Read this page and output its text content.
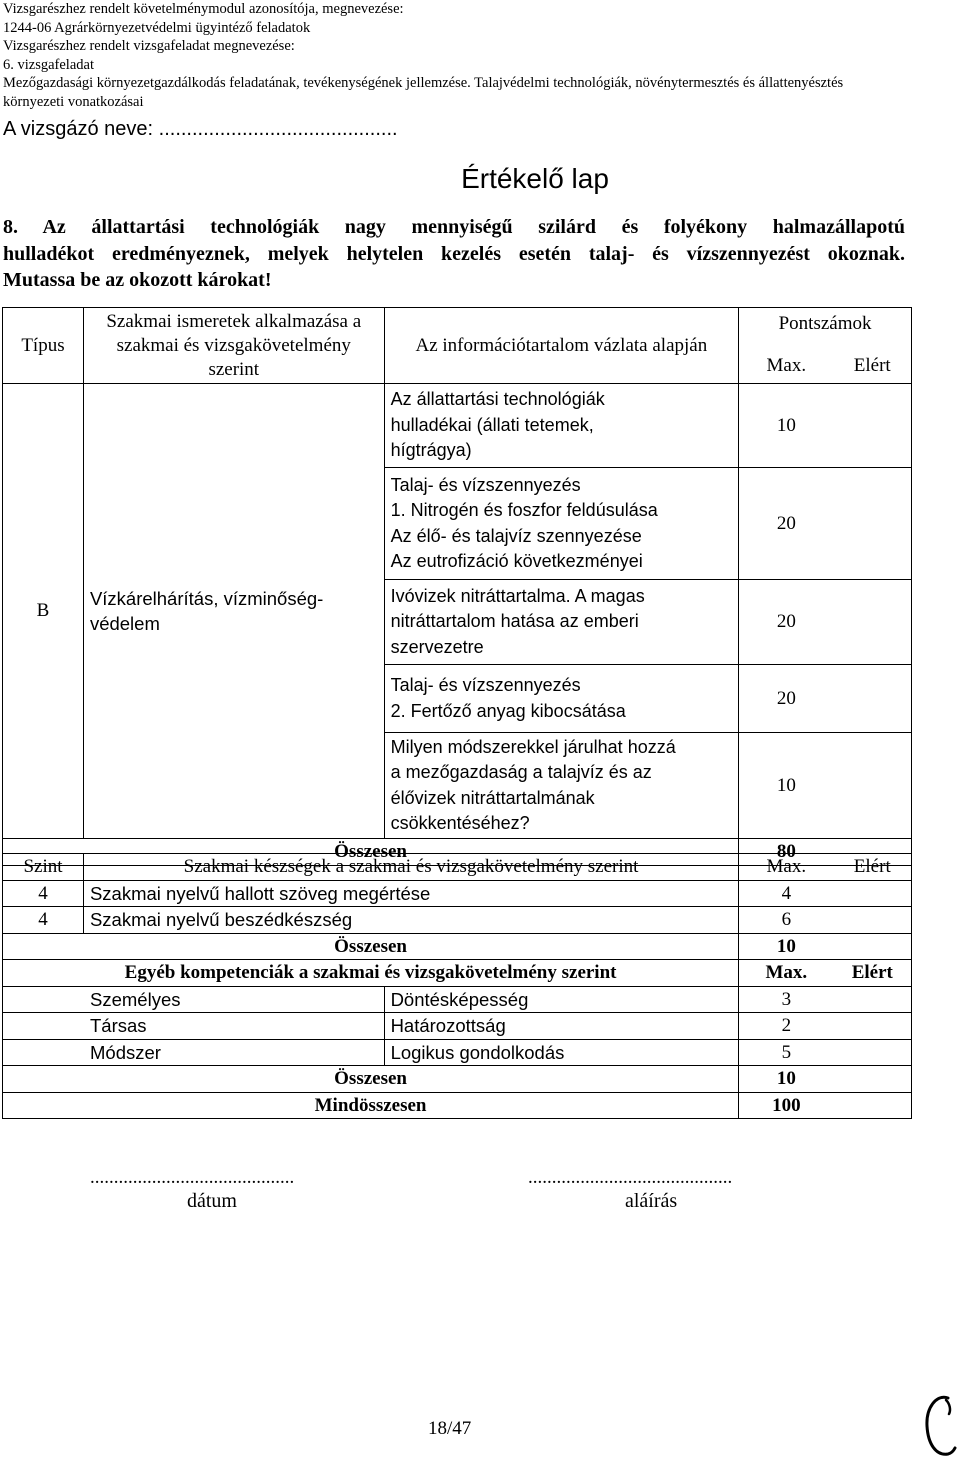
Vizsgarészhez rendelt követelménymodul azonosítója, megnevezése:
1244-06 Agrárkörnyezetvédelmi ügyintéző feladatok
Vizsgarészhez rendelt vizsgafeladat megnevezése:
6. vizsgafeladat
Mezőgazdasági környezetgazdálkodás feladatának, tevékenységének jellemzése. Talajvédelmi technológiák, növénytermesztés és állattenyésztés
környezeti vonatkozásai
A vizsgázó neve: ...........................................
Értékelő lap
8. Az állattartási technológiák nagy mennyiségű szilárd és folyékony halmazállapotú
hulladékot eredményeznek, melyek helytelen kezelés esetén talaj- és vízszennyezést okoznak.
Mutassa be az okozott károkat!
Típus	Szakmai ismeretek alkalmazása a szakmai és vizsgakövetelmény szerint	Az információtartalom vázlata alapján	Pontszámok	
			Max.	Elért
B	Vízkárelhárítás, vízminőség-védelem	Az állattartási technológiák
hulladékai (állati tetemek,
hígtrágya)	10	

		Talaj- és vízszennyezés
1. Nitrogén és foszfor feldúsulása
Az élő- és talajvíz szennyezése
Az eutrofizáció következményei	20	

		Ivóvizek nitráttartalma. A magas
nitráttartalom hatása az emberi
szervezetre	20	

		Talaj- és vízszennyezés
2. Fertőző anyag kibocsátása	20	

		Milyen módszerekkel járulhat hozzá
a mezőgazdaság a talajvíz és az
élővizek nitráttartalmának
csökkentéséhez?	10	
Összesen			80	
Szint	Szakmai készségek a szakmai és vizsgakövetelmény szerint		Max.	Elért
4	Szakmai nyelvű hallott szöveg megértése		4	
4	Szakmai nyelvű beszédkészség		6	
Összesen			10	
Egyéb kompetenciák a szakmai és vizsgakövetelmény szerint			Max.	Elért
Személyes		Döntésképesség	3	
Társas		Határozottság	2	
Módszer		Logikus gondolkodás	5	
Összesen			10	
Mindösszesen			100	
...........................................	...........................................
dátum	aláírás
18/47
